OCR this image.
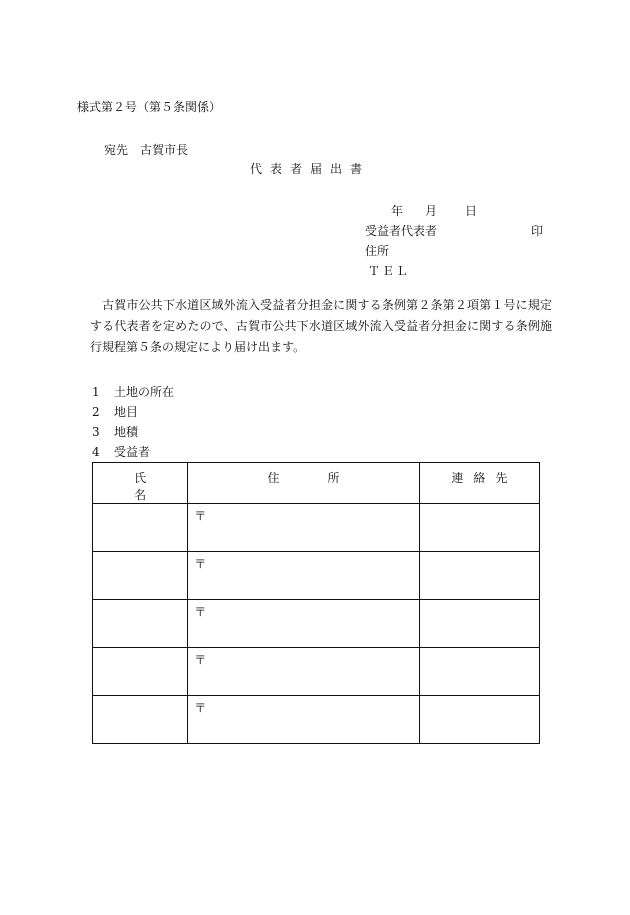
様式第２号（第５条関係）
宛先 古賀市長
代表者届出書
年 月 日
受益者代表者	印
住所
ＴＥＬ
古賀市公共下水道区域外流入受益者分担金に関する条例第２条第２項第１号に規定する代表者を定めたので、古賀市公共下水道区域外流入受益者分担金に関する条例施行規程第５条の規定により届け出ます。
1 土地の所在
2 地目
3 地積
4 受益者
氏名	住所	連絡先

	〒	

	〒	

	〒	

	〒	

	〒	
